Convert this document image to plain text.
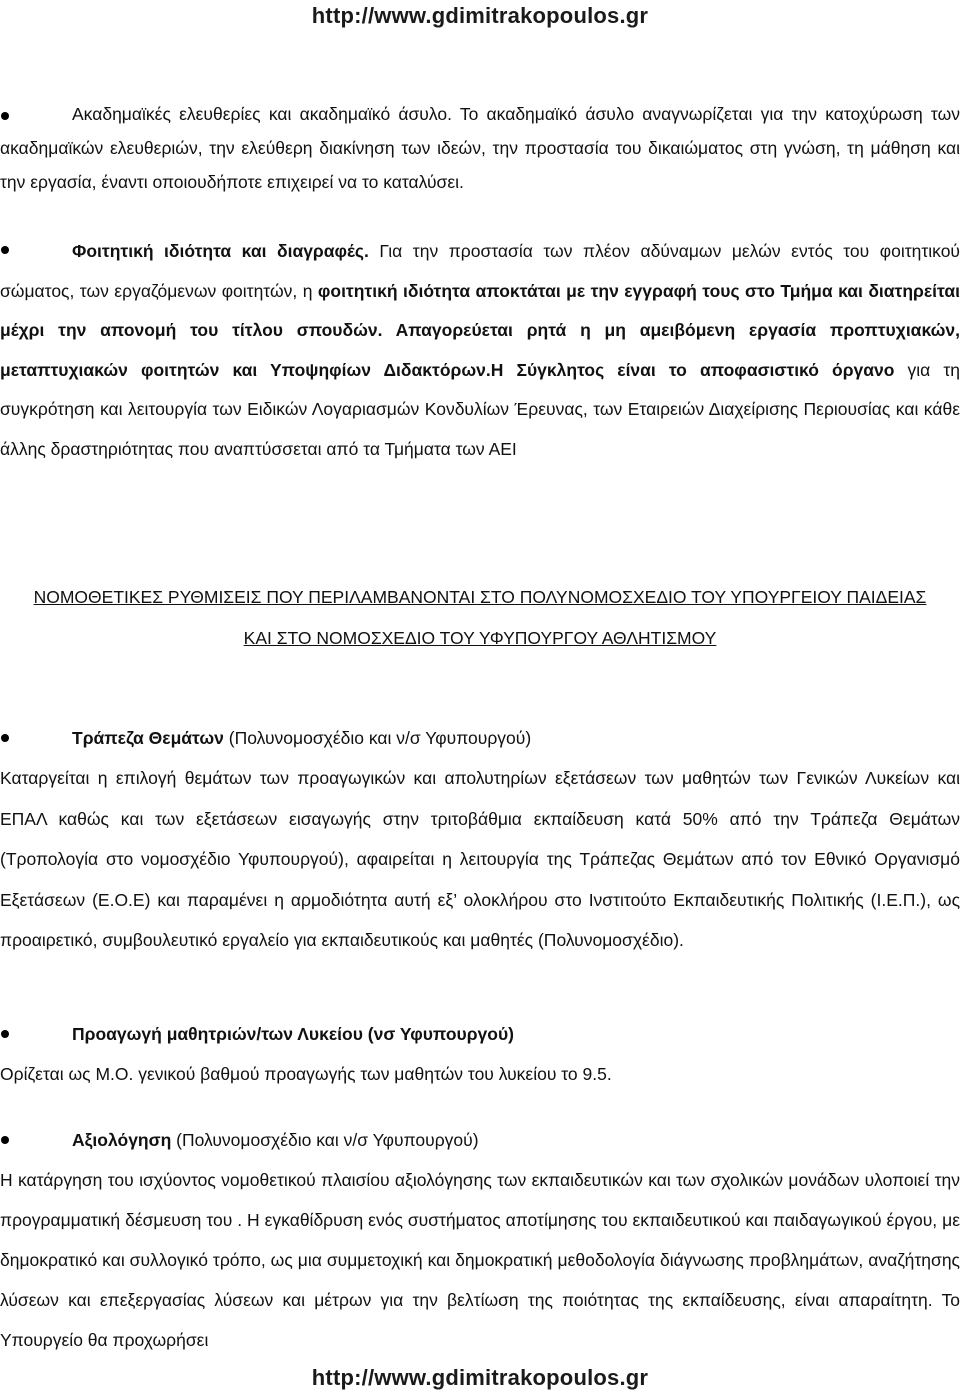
http://www.gdimitrakopoulos.gr

Ακαδημαϊκές ελευθερίες και ακαδημαϊκό άσυλο. Το ακαδημαϊκό άσυλο αναγνωρίζεται για την κατοχύρωση των ακαδημαϊκών ελευθεριών, την ελεύθερη διακίνηση των ιδεών, την προστασία του δικαιώματος στη γνώση, τη μάθηση και την εργασία, έναντι οποιουδήποτε επιχειρεί να το καταλύσει.

Φοιτητική ιδιότητα και διαγραφές. Για την προστασία των πλέον αδύναμων μελών εντός του φοιτητικού σώματος, των εργαζόμενων φοιτητών, η φοιτητική ιδιότητα αποκτάται με την εγγραφή τους στο Τμήμα και διατηρείται μέχρι την απονομή του τίτλου σπουδών. Απαγορεύεται ρητά η μη αμειβόμενη εργασία προπτυχιακών, μεταπτυχιακών φοιτητών και Υποψηφίων Διδακτόρων.Η Σύγκλητος είναι το αποφασιστικό όργανο για τη συγκρότηση και λειτουργία των Ειδικών Λογαριασμών Κονδυλίων Έρευνας, των Εταιρειών Διαχείρισης Περιουσίας και κάθε άλλης δραστηριότητας που αναπτύσσεται από τα Τμήματα των ΑΕΙ

ΝΟΜΟΘΕΤΙΚΕΣ ΡΥΘΜΙΣΕΙΣ ΠΟΥ ΠΕΡΙΛΑΜΒΑΝΟΝΤΑΙ ΣΤΟ ΠΟΛΥΝΟΜΟΣΧΕΔΙΟ ΤΟΥ ΥΠΟΥΡΓΕΙΟΥ ΠΑΙΔΕΙΑΣ

ΚΑΙ ΣΤΟ ΝΟΜΟΣΧΕΔΙΟ ΤΟΥ ΥΦΥΠΟΥΡΓΟΥ ΑΘΛΗΤΙΣΜΟΥ

Τράπεζα Θεμάτων (Πολυνομοσχέδιο και ν/σ Υφυπουργού)

Καταργείται η επιλογή θεμάτων των προαγωγικών και απολυτηρίων εξετάσεων των μαθητών των Γενικών Λυκείων και ΕΠΑΛ καθώς και των εξετάσεων εισαγωγής στην τριτοβάθμια εκπαίδευση κατά 50% από την Τράπεζα Θεμάτων (Τροπολογία στο νομοσχέδιο Υφυπουργού), αφαιρείται η λειτουργία της Τράπεζας Θεμάτων από τον Εθνικό Οργανισμό Εξετάσεων (Ε.Ο.Ε) και παραμένει η αρμοδιότητα αυτή εξ’ ολοκλήρου στο Ινστιτούτο Εκπαιδευτικής Πολιτικής (Ι.Ε.Π.), ως προαιρετικό, συμβουλευτικό εργαλείο για εκπαιδευτικούς και μαθητές (Πολυνομοσχέδιο).

Προαγωγή μαθητριών/των Λυκείου (νσ Υφυπουργού)

Ορίζεται ως Μ.Ο. γενικού βαθμού προαγωγής των μαθητών του λυκείου το 9.5.

Αξιολόγηση (Πολυνομοσχέδιο και ν/σ Υφυπουργού)

Η κατάργηση του ισχύοντος νομοθετικού πλαισίου αξιολόγησης των εκπαιδευτικών και των σχολικών μονάδων υλοποιεί την προγραμματική δέσμευση του . Η εγκαθίδρυση ενός συστήματος αποτίμησης του εκπαιδευτικού και παιδαγωγικού έργου, με δημοκρατικό και συλλογικό τρόπο, ως μια συμμετοχική και δημοκρατική μεθοδολογία διάγνωσης προβλημάτων, αναζήτησης λύσεων και επεξεργασίας λύσεων και μέτρων για την βελτίωση της ποιότητας της εκπαίδευσης, είναι απαραίτητη. Το Υπουργείο θα προχωρήσει

http://www.gdimitrakopoulos.gr
